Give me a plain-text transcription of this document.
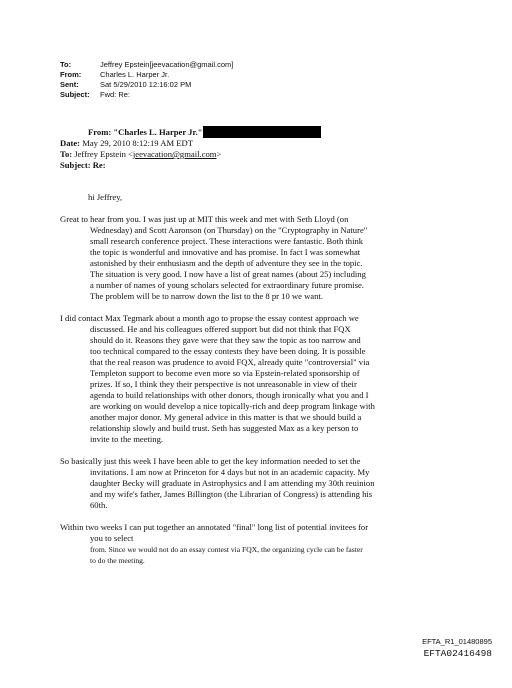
To:	Jeffrey Epstein[jeevacation@gmail.com]
From:	Charles L. Harper Jr.
Sent:	Sat 5/29/2010 12:16:02 PM
Subject:	Fwd: Re:
From:
"Charles L. Harper Jr."
Date:
May 29, 2010 8:12:19 AM EDT
To:
Jeffrey Epstein < jeevacation@gmail.com >
Subject:
Re:
hi Jeffrey,
Great to hear from you. I was just up at MIT this week and met with Seth Lloyd (on
Wednesday) and Scott Aaronson (on Thursday) on the "Cryptography in Nature"
small research conference project. These interactions were fantastic. Both think
the topic is wonderful and innovative and has promise. In fact I was somewhat
astonished by their enthusiasm and the depth of adventure they see in the topic.
The situation is very good. I now have a list of great names (about 25) including
a number of names of young scholars selected for extraordinary future promise.
The problem will be to narrow down the list to the 8 pr 10 we want.
I did contact Max Tegmark about a month ago to propse the essay contest approach we
discussed. He and his colleagues offered support but did not think that FQX
should do it. Reasons they gave were that they saw the topic as too narrow and
too technical compared to the essay contests they have been doing. It is possible
that the real reason was prudence to avoid FQX, already quite "controversial" via
Templeton support to become even more so via Epstein-related sponsorship of
prizes. If so, I think they their perspective is not unreasonable in view of their
agenda to build relationships with other donors, though ironically what you and I
are working on would develop a nice topically-rich and deep program linkage with
another major donor. My general advice in this matter is that we should build a
relationship slowly and build trust. Seth has suggested Max as a key person to
invite to the meeting.
So basically just this week I have been able to get the key information needed to set the
invitations. I am now at Princeton for 4 days but not in an academic capacity. My
daughter Becky will graduate in Astrophysics and I am attending my 30th reuinion
and my wife's father, James Billington (the Librarian of Congress) is attending his
60th.
Within two weeks I can put together an annotated "final" long list of potential invitees for
you to select
from. Since we would not do an essay contest via FQX, the organizing cycle can be faster
to do the meeting.
EFTA_R1_01480895
EFTA02416498
